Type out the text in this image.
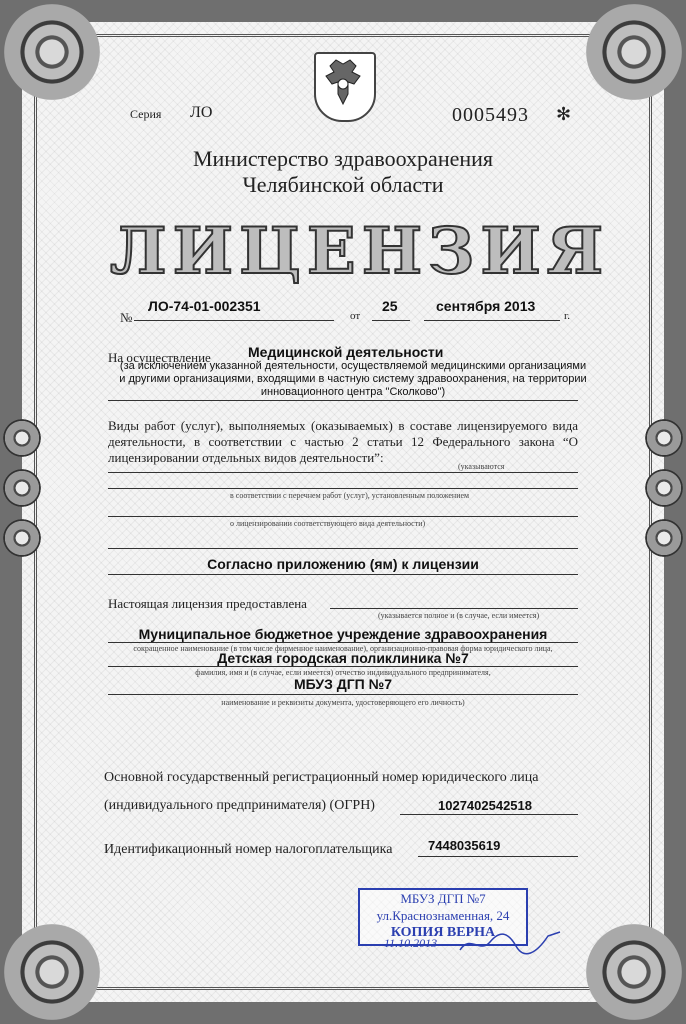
Серия ЛО	0005493 ✻
Министерство здравоохранения
Челябинской области
ЛИЦЕНЗИЯ
№
ЛО-74-01-002351
от
25	сентября 2013
г.
На осуществление	Медицинской деятельности
(за исключением указанной деятельности, осуществляемой медицинскими организациями и другими организациями, входящими в частную систему здравоохранения, на территории инновационного центра "Сколково")
Виды работ (услуг), выполняемых (оказываемых) в составе лицензируемого вида деятельности, в соответствии с частью 2 статьи 12 Федерального закона “О лицензировании отдельных видов деятельности”:
(указываются
в соответствии с перечнем работ (услуг), установленным положением
о лицензировании соответствующего вида деятельности)
Согласно приложению (ям) к лицензии
Настоящая лицензия предоставлена
(указывается полное и (в случае, если имеется)
Муниципальное бюджетное учреждение здравоохранения
сокращенное наименование (в том числе фирменное наименование), организационно-правовая форма юридического лица,
Детская городская поликлиника №7
фамилия, имя и (в случае, если имеется) отчество индивидуального предпринимателя,
МБУЗ ДГП №7
наименование и реквизиты документа, удостоверяющего его личность)
Основной государственный регистрационный номер юридического лица
(индивидуального предпринимателя) (ОГРН)	1027402542518
Идентификационный номер налогоплательщика	7448035619
МБУЗ ДГП №7
ул.Краснознаменная, 24
КОПИЯ ВЕРНА
11.10.2013
